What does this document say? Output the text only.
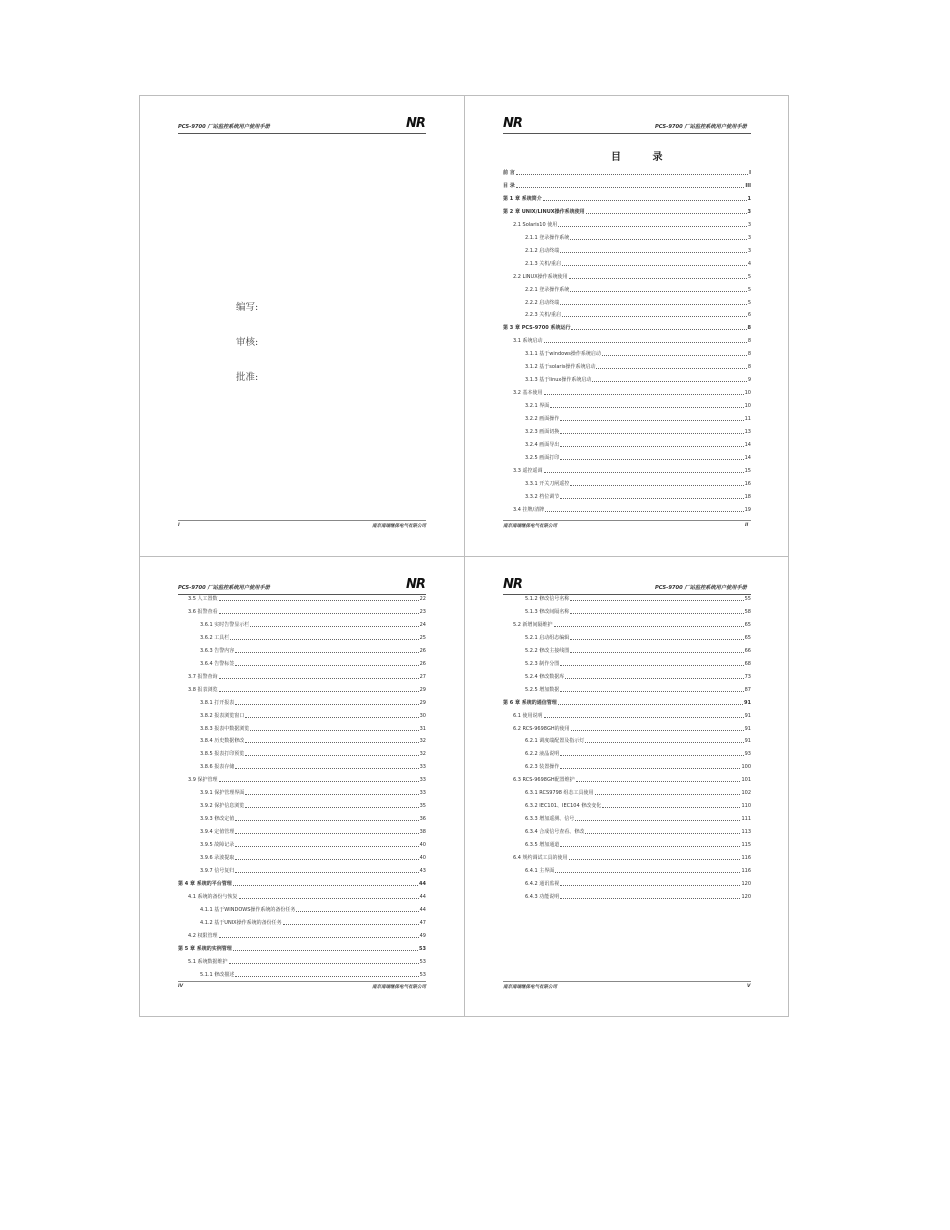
PCS-9700 厂站监控系统用户使用手册	NR
编写:
审核:
批准:
I	南京南瑞继保电气有限公司
NR	PCS-9700 厂站监控系统用户使用手册
目 录
前 言	I
目 录	III
第 1 章 系统简介	1
第 2 章 UNIX/LINUX操作系统使用	3
2.1 Solaris10 使用	3
2.1.1 登录操作系统	3
2.1.2 启动终端	3
2.1.3 关机/重启	4
2.2 LINUX操作系统使用	5
2.2.1 登录操作系统	5
2.2.2 启动终端	5
2.2.3 关机/重启	6
第 3 章 PCS-9700 系统运行	8
3.1 系统启动	8
3.1.1 基于windows操作系统启动	8
3.1.2 基于solaris操作系统启动	8
3.1.3 基于linux操作系统启动	9
3.2 基本使用	10
3.2.1 界面	10
3.2.2 画面操作	11
3.2.3 画面切换	13
3.2.4 画面导出	14
3.2.5 画面打印	14
3.3 遥控遥调	15
3.3.1 开关刀闸遥控	16
3.3.2 档位调节	18
3.4 挂牌/清牌	19
南京南瑞继保电气有限公司	II
PCS-9700 厂站监控系统用户使用手册	NR
3.5 人工置数	22
3.6 报警查看	23
3.6.1 实时告警显示栏	24
3.6.2 工具栏	25
3.6.3 告警内容	26
3.6.4 告警标签	26
3.7 报警查询	27
3.8 报表浏览	29
3.8.1 打开报表	29
3.8.2 报表浏览窗口	30
3.8.3 报表中数据浏览	31
3.8.4 历史数据修改	32
3.8.5 报表打印预览	32
3.8.6 报表存储	33
3.9 保护管理	33
3.9.1 保护管理界面	33
3.9.2 保护信息浏览	35
3.9.3 修改定值	36
3.9.4 定值管理	38
3.9.5 故障记录	40
3.9.6 录波提取	40
3.9.7 信号复归	43
第 4 章 系统的平台管理	44
4.1 系统的备份与恢复	44
4.1.1 基于WINDOWS操作系统的备份任务	44
4.1.2 基于UNIX操作系统的备份任务	47
4.2 权限管理	49
第 5 章 系统的实例管理	53
5.1 系统数据维护	53
5.1.1 修改描述	53
IV	南京南瑞继保电气有限公司
NR	PCS-9700 厂站监控系统用户使用手册
5.1.2 修改信号名称	55
5.1.3 修改间隔名称	58
5.2 新增间隔维护	65
5.2.1 启动组态编辑	65
5.2.2 修改主接线图	66
5.2.3 制作分图	68
5.2.4 修改数据库	73
5.2.5 增加数据	87
第 6 章 系统的通信管理	91
6.1 使用说明	91
6.2 RCS-9698GH的使用	91
6.2.1 调度端配置及指示灯	91
6.2.2 液晶说明	93
6.2.3 装置操作	100
6.3 RCS-9698GH配置维护	101
6.3.1 RCS9798 组态工具使用	102
6.3.2 IEC101、IEC104 修改变化	110
6.3.3 增加遥测、信号	111
6.3.4 合成信号查看、修改	113
6.3.5 增加通道	115
6.4 规约调试工具的使用	116
6.4.1 主界面	116
6.4.2 通讯监视	120
6.4.3 功能说明	120
南京南瑞继保电气有限公司	V
